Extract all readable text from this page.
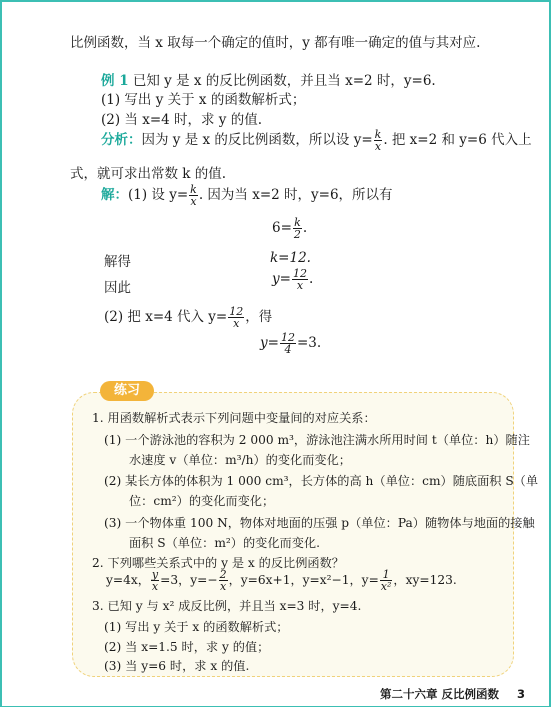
比例函数，当 x 取每一个确定的值时，y 都有唯一确定的值与其对应.
例 1 已知 y 是 x 的反比例函数，并且当 x=2 时，y=6.
(1) 写出 y 关于 x 的函数解析式；
(2) 当 x=4 时，求 y 的值.
分析：因为 y 是 x 的反比例函数，所以设 $y= \frac{k}{x}$ . 把 x=2 和 y=6 代入上
式，就可求出常数 k 的值.
解：(1) 设 $y= \frac{k}{x}$ . 因为当 x=2 时，y=6，所以有
$6= \frac{k}{2}$ .
解得	k=12.
因此
$y= \frac{12}{x}$ .
(2) 把 x=4 代入 $y= \frac{12}{x}$ ，得
$y= \frac{12}{4} =3$.
练习
1. 用函数解析式表示下列问题中变量间的对应关系：
(1) 一个游泳池的容积为 2 000 m³，游泳池注满水所用时间 t（单位：h）随注
水速度 v（单位：m³/h）的变化而变化；
(2) 某长方体的体积为 1 000 cm³，长方体的高 h（单位：cm）随底面积 S（单
位：cm²）的变化而变化；
(3) 一个物体重 100 N，物体对地面的压强 p（单位：Pa）随物体与地面的接触
面积 S（单位：m²）的变化而变化.
2. 下列哪些关系式中的 y 是 x 的反比例函数？
y=4x， $\frac{y}{x} =3$，$y=- \frac{2}{x}$ ，y=6x+1，y=x²−1，$y= \frac{1}{\text{x²}}$ ，xy=123.
3. 已知 y 与 x² 成反比例，并且当 x=3 时，y=4.
(1) 写出 y 关于 x 的函数解析式；
(2) 当 x=1.5 时，求 y 的值；
(3) 当 y=6 时，求 x 的值.
第二十六章 反比例函数 3
